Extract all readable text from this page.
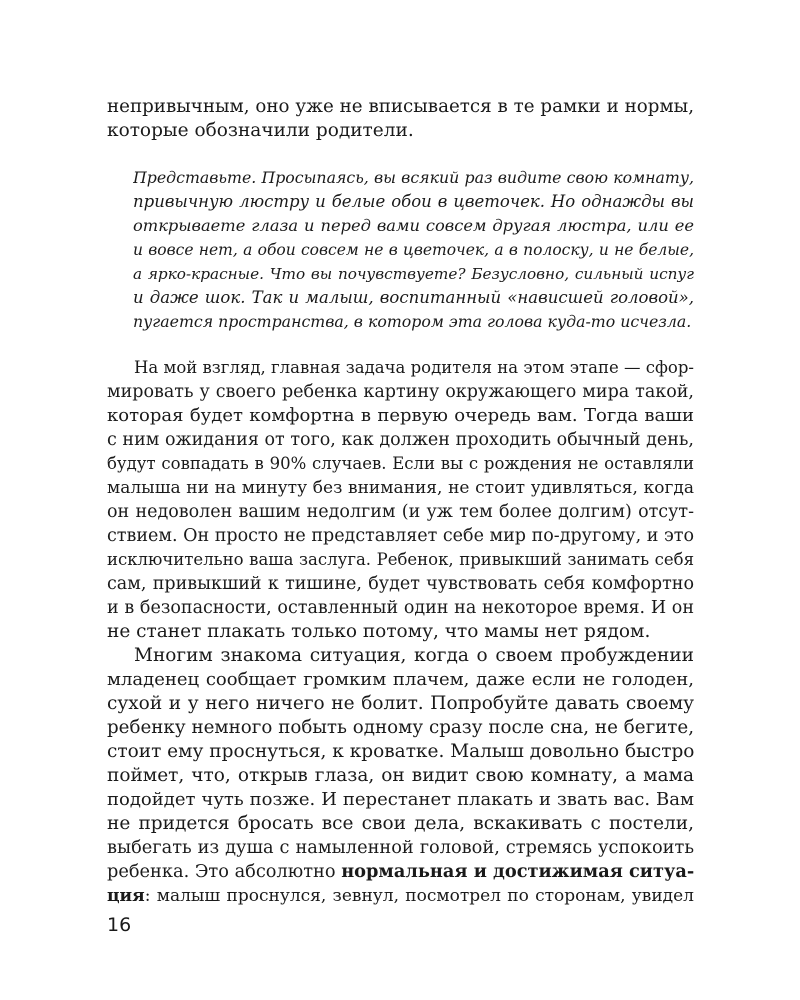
непривычным, оно уже не вписывается в те рамки и нормы,
которые обозначили родители.
Представьте. Просыпаясь, вы всякий раз видите свою комнату,
привычную люстру и белые обои в цветочек. Но однажды вы
открываете глаза и перед вами совсем другая люстра, или ее
и вовсе нет, а обои совсем не в цветочек, а в полоску, и не белые,
а ярко-красные. Что вы почувствуете? Безусловно, сильный испуг
и даже шок. Так и малыш, воспитанный «нависшей головой»,
пугается пространства, в котором эта голова куда-то исчезла.
На мой взгляд, главная задача родителя на этом этапе — сфор-
мировать у своего ребенка картину окружающего мира такой,
которая будет комфортна в первую очередь вам. Тогда ваши
с ним ожидания от того, как должен проходить обычный день,
будут совпадать в 90% случаев. Если вы с рождения не оставляли
малыша ни на минуту без внимания, не стоит удивляться, когда
он недоволен вашим недолгим (и уж тем более долгим) отсут-
ствием. Он просто не представляет себе мир по-другому, и это
исключительно ваша заслуга. Ребенок, привыкший занимать себя
сам, привыкший к тишине, будет чувствовать себя комфортно
и в безопасности, оставленный один на некоторое время. И он
не станет плакать только потому, что мамы нет рядом.
Многим знакома ситуация, когда о своем пробуждении
младенец сообщает громким плачем, даже если не голоден,
сухой и у него ничего не болит. Попробуйте давать своему
ребенку немного побыть одному сразу после сна, не бегите,
стоит ему проснуться, к кроватке. Малыш довольно быстро
поймет, что, открыв глаза, он видит свою комнату, а мама
подойдет чуть позже. И перестанет плакать и звать вас. Вам
не придется бросать все свои дела, вскакивать с постели,
выбегать из душа с намыленной головой, стремясь успокоить
ребенка. Это абсолютно нормальная и достижимая ситуа-
ция: малыш проснулся, зевнул, посмотрел по сторонам, увидел
16
